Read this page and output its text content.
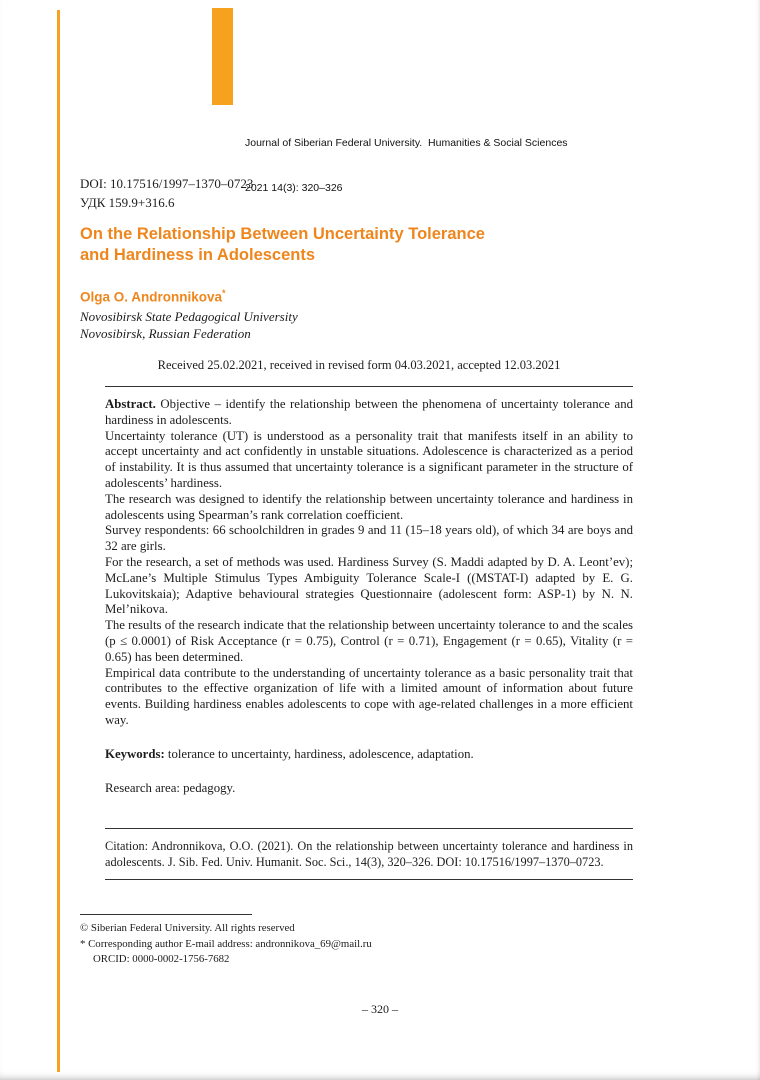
Journal of Siberian Federal University.  Humanities & Social Sciences

2021 14(3): 320–326

DOI: 10.17516/1997–1370–0723
УДК 159.9+316.6
On the Relationship Between Uncertainty Tolerance
and Hardiness in Adolescents
Olga O. Andronnikova*
Novosibirsk State Pedagogical University
Novosibirsk, Russian Federation
Received 25.02.2021, received in revised form 04.03.2021, accepted 12.03.2021

Abstract. Objective – identify the relationship between the phenomena of uncertainty tolerance and hardiness in adolescents.

Uncertainty tolerance (UT) is understood as a personality trait that manifests itself in an ability to accept uncertainty and act confidently in unstable situations. Adolescence is characterized as a period of instability. It is thus assumed that uncertainty tolerance is a significant parameter in the structure of adolescents’ hardiness.

The research was designed to identify the relationship between uncertainty tolerance and hardiness in adolescents using Spearman’s rank correlation coefficient.

Survey respondents: 66 schoolchildren in grades 9 and 11 (15–18 years old), of which 34 are boys and 32 are girls.

For the research, a set of methods was used. Hardiness Survey (S. Maddi adapted by D. A. Leont’ev); McLane’s Multiple Stimulus Types Ambiguity Tolerance Scale-I ((MSTAT-I) adapted by E. G. Lukovitskaia); Adaptive behavioural strategies Questionnaire (adolescent form: ASP-1) by N. N. Mel’nikova.

The results of the research indicate that the relationship between uncertainty tolerance to and the scales (p ≤ 0.0001) of Risk Acceptance (r = 0.75), Control (r = 0.71), Engagement (r = 0.65), Vitality (r = 0.65) has been determined.

Empirical data contribute to the understanding of uncertainty tolerance as a basic personality trait that contributes to the effective organization of life with a limited amount of information about future events. Building hardiness enables adolescents to cope with age-related challenges in a more efficient way.

Keywords: tolerance to uncertainty, hardiness, adolescence, adaptation.

Research area: pedagogy.

Citation: Andronnikova, O.O. (2021). On the relationship between uncertainty tolerance and hardiness in adolescents. J. Sib. Fed. Univ. Humanit. Soc. Sci., 14(3), 320–326. DOI: 10.17516/1997–1370–0723.
© Siberian Federal University. All rights reserved
* Corresponding author E-mail address: andronnikova_69@mail.ru
ORCID: 0000-0002-1756-7682
– 320 –
